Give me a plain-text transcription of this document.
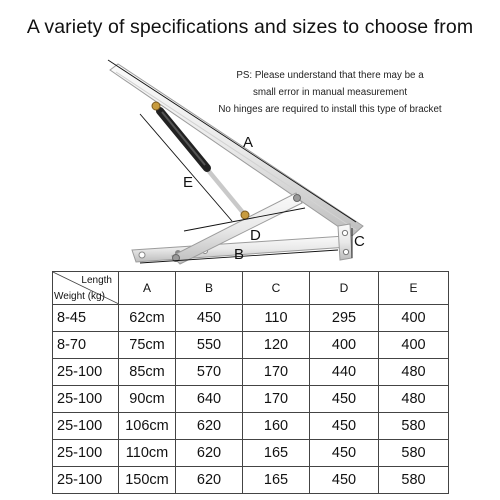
A variety of specifications and sizes to choose from
PS: Please understand that there may be a
small error in manual measurement
No hinges are required to install this type of bracket
A
B
C
D
E
Length
Weight (kg)	A	B	C	D	E
8-45	62cm	450	110	295	400
8-70	75cm	550	120	400	400
25-100	85cm	570	170	440	480
25-100	90cm	640	170	450	480
25-100	106cm	620	160	450	580
25-100	110cm	620	165	450	580
25-100	150cm	620	165	450	580
